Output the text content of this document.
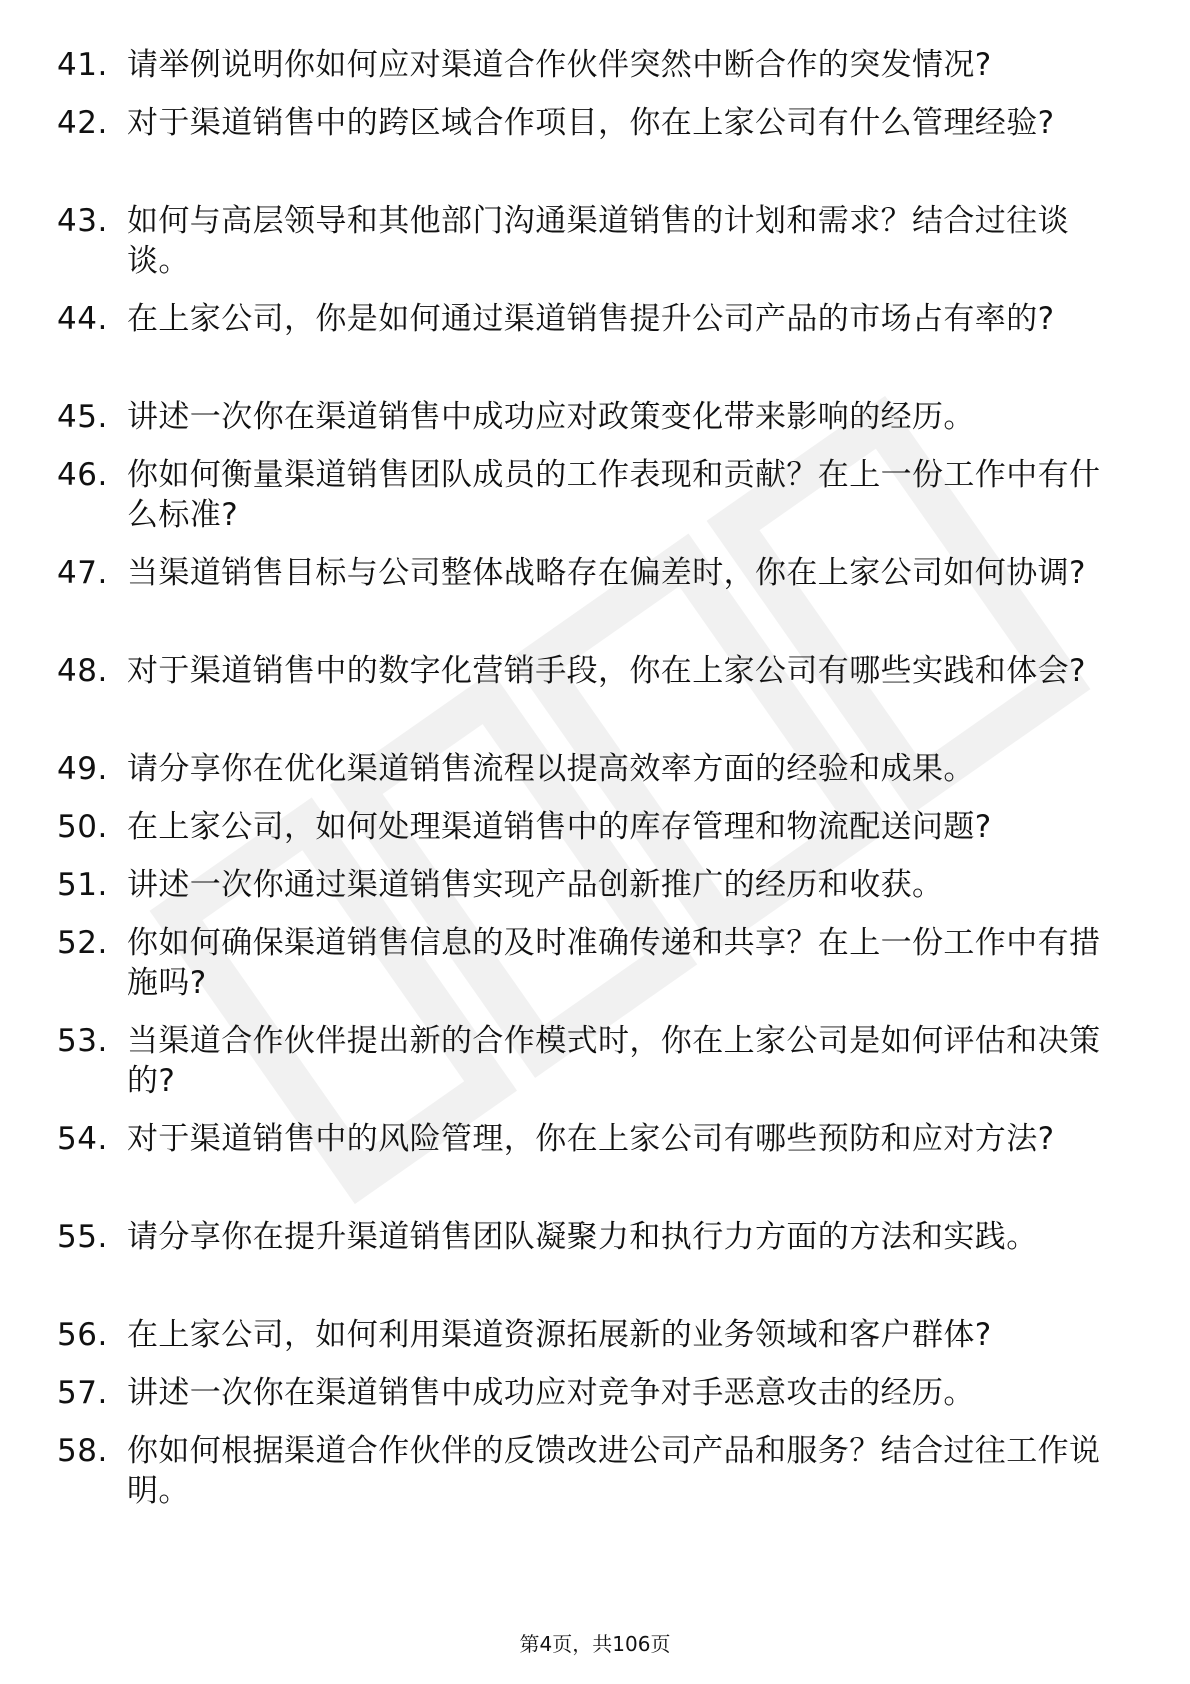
41. 请举例说明你如何应对渠道合作伙伴突然中断合作的突发情况?
42. 对于渠道销售中的跨区域合作项目，你在上家公司有什么管理经验?
43. 如何与高层领导和其他部门沟通渠道销售的计划和需求？结合过往谈谈。
44. 在上家公司，你是如何通过渠道销售提升公司产品的市场占有率的?
45. 讲述一次你在渠道销售中成功应对政策变化带来影响的经历。
46. 你如何衡量渠道销售团队成员的工作表现和贡献？在上一份工作中有什么标准?
47. 当渠道销售目标与公司整体战略存在偏差时，你在上家公司如何协调?
48. 对于渠道销售中的数字化营销手段，你在上家公司有哪些实践和体会?
49. 请分享你在优化渠道销售流程以提高效率方面的经验和成果。
50. 在上家公司，如何处理渠道销售中的库存管理和物流配送问题?
51. 讲述一次你通过渠道销售实现产品创新推广的经历和收获。
52. 你如何确保渠道销售信息的及时准确传递和共享？在上一份工作中有措施吗?
53. 当渠道合作伙伴提出新的合作模式时，你在上家公司是如何评估和决策的?
54. 对于渠道销售中的风险管理，你在上家公司有哪些预防和应对方法?
55. 请分享你在提升渠道销售团队凝聚力和执行力方面的方法和实践。
56. 在上家公司，如何利用渠道资源拓展新的业务领域和客户群体?
57. 讲述一次你在渠道销售中成功应对竞争对手恶意攻击的经历。
58. 你如何根据渠道合作伙伴的反馈改进公司产品和服务？结合过往工作说明。
第4页，共106页
